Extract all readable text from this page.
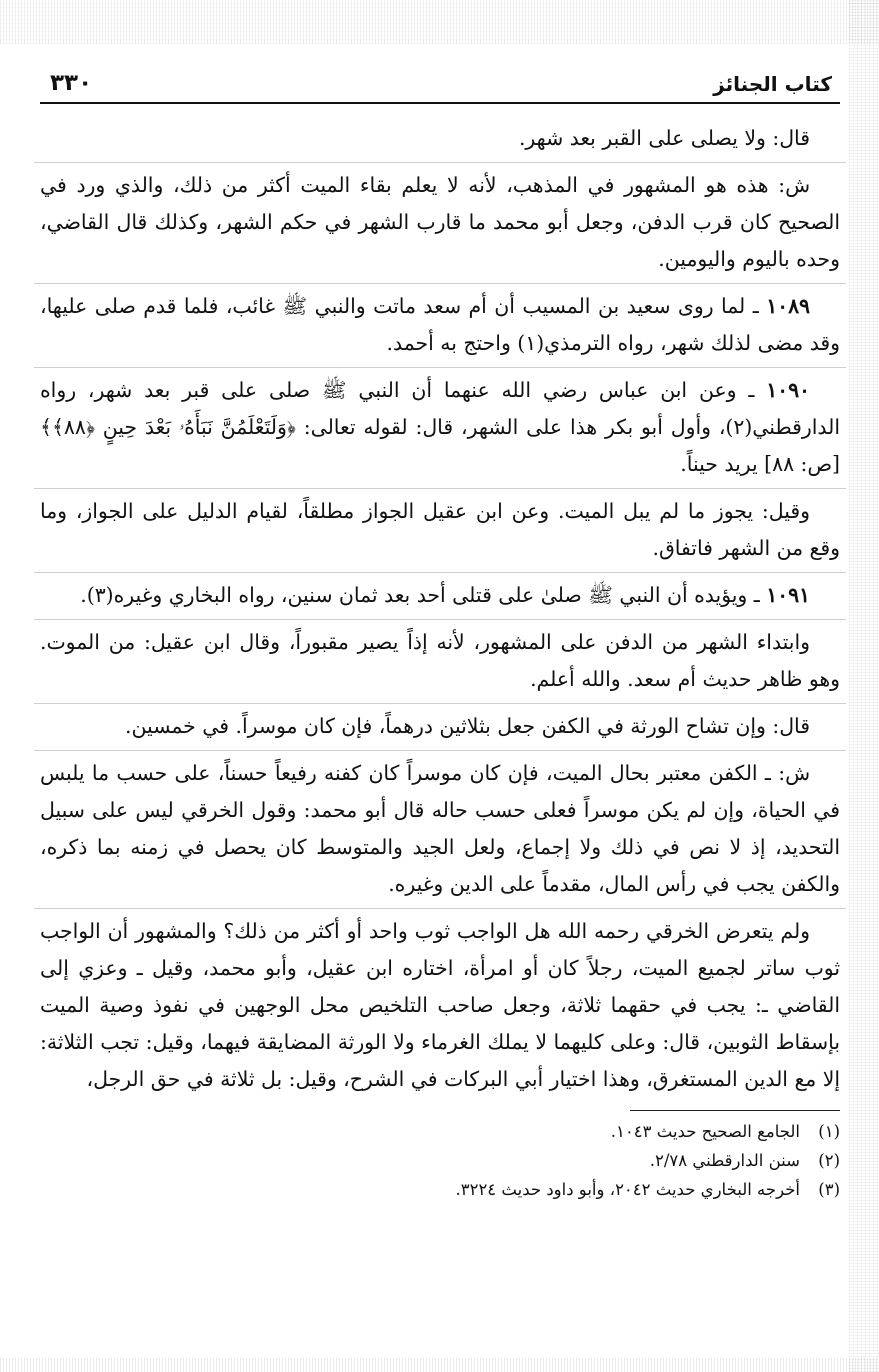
كتاب الجنائز
٣٣٠

قال: ولا يصلى على القبر بعد شهر.

ش: هذه هو المشهور في المذهب، لأنه لا يعلم بقاء الميت أكثر من ذلك، والذي ورد في الصحيح كان قرب الدفن، وجعل أبو محمد ما قارب الشهر في حكم الشهر، وكذلك قال القاضي، وحده باليوم واليومين.

١٠٨٩ ـ لما روى سعيد بن المسيب أن أم سعد ماتت والنبي ﷺ غائب، فلما قدم صلى عليها، وقد مضى لذلك شهر، رواه الترمذي(١) واحتج به أحمد.

١٠٩٠ ـ وعن ابن عباس رضي الله عنهما أن النبي ﷺ صلى على قبر بعد شهر، رواه الدارقطني(٢)، وأول أبو بكر هذا على الشهر، قال: لقوله تعالى: ﴿وَلَتَعْلَمُنَّ نَبَأَهُۥ بَعْدَ حِينٍ ﴿٨٨﴾﴾ [ص: ٨٨] يريد حيناً.

وقيل: يجوز ما لم يبل الميت. وعن ابن عقيل الجواز مطلقاً، لقيام الدليل على الجواز، وما وقع من الشهر فاتفاق.

١٠٩١ ـ ويؤيده أن النبي ﷺ صلىٰ على قتلى أحد بعد ثمان سنين، رواه البخاري وغيره(٣).

وابتداء الشهر من الدفن على المشهور، لأنه إذاً يصير مقبوراً، وقال ابن عقيل: من الموت. وهو ظاهر حديث أم سعد. والله أعلم.

قال: وإن تشاح الورثة في الكفن جعل بثلاثين درهماً، فإن كان موسراً. في خمسين.

ش: ـ الكفن معتبر بحال الميت، فإن كان موسراً كان كفنه رفيعاً حسناً، على حسب ما يلبس في الحياة، وإن لم يكن موسراً فعلى حسب حاله قال أبو محمد: وقول الخرقي ليس على سبيل التحديد، إذ لا نص في ذلك ولا إجماع، ولعل الجيد والمتوسط كان يحصل في زمنه بما ذكره، والكفن يجب في رأس المال، مقدماً على الدين وغيره.

ولم يتعرض الخرقي رحمه الله هل الواجب ثوب واحد أو أكثر من ذلك؟ والمشهور أن الواجب ثوب ساتر لجميع الميت، رجلاً كان أو امرأة، اختاره ابن عقيل، وأبو محمد، وقيل ـ وعزي إلى القاضي ـ: يجب في حقهما ثلاثة، وجعل صاحب التلخيص محل الوجهين في نفوذ وصية الميت بإسقاط الثوبين، قال: وعلى كليهما لا يملك الغرماء ولا الورثة المضايقة فيهما، وقيل: تجب الثلاثة: إلا مع الدين المستغرق، وهذا اختيار أبي البركات في الشرح، وقيل: بل ثلاثة في حق الرجل،

(١)الجامع الصحيح حديث ١٠٤٣.

(٢)سنن الدارقطني ٢/٧٨.

(٣)أخرجه البخاري حديث ٢٠٤٢، وأبو داود حديث ٣٢٢٤.
